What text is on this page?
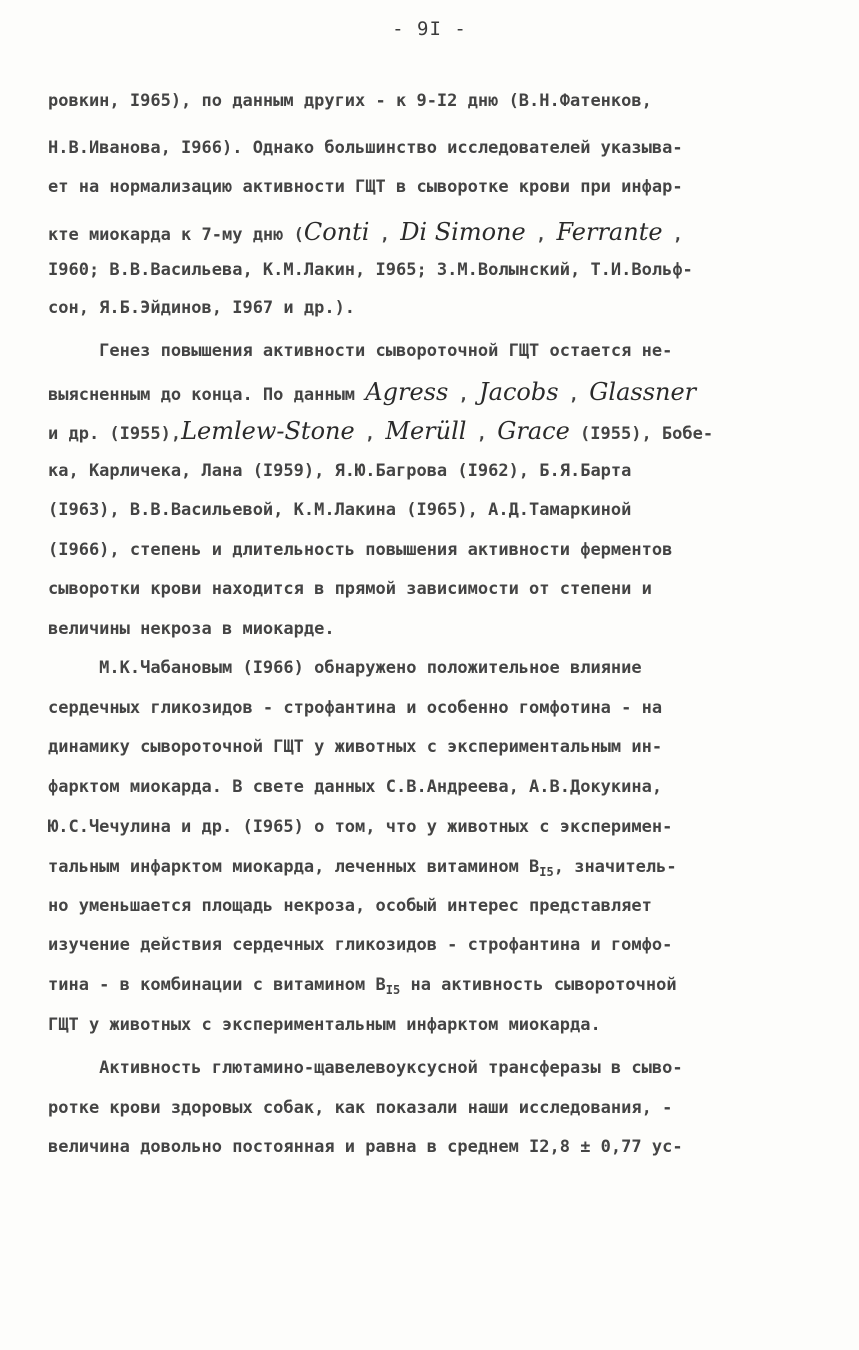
- 9I -
ровкин, I965), по данным других - к 9-I2 дню (В.Н.Фатенков,
Н.В.Иванова, I966). Однако большинство исследователей указыва-
ет на нормализацию активности ГЩТ в сыворотке крови при инфар-
кте миокарда к 7-му дню (Conti , Di Simone , Ferrante ,
I960; В.В.Васильева, К.М.Лакин, I965; З.М.Волынский, Т.И.Вольф-
сон, Я.Б.Эйдинов, I967 и др.).
Генез повышения активности сывороточной ГЩТ остается не-
выясненным до конца. По данным Agress , Jacobs , Glassner
и др. (I955),Lemlew-Stone , Merüll , Grace (I955), Бобе-
ка, Карличека, Лана (I959), Я.Ю.Багрова (I962), Б.Я.Барта
(I963), В.В.Васильевой, К.М.Лакина (I965), А.Д.Тамаркиной
(I966), степень и длительность повышения активности ферментов
сыворотки крови находится в прямой зависимости от степени и
величины некроза в миокарде.
М.К.Чабановым (I966) обнаружено положительное влияние
сердечных гликозидов - строфантина и особенно гомфотина - на
динамику сывороточной ГЩТ у животных с экспериментальным ин-
фарктом миокарда. В свете данных С.В.Андреева, А.В.Докукина,
Ю.С.Чечулина и др. (I965) о том, что у животных с эксперимен-
тальным инфарктом миокарда, леченных витамином $В_{I5}$, значитель-
но уменьшается площадь некроза, особый интерес представляет
изучение действия сердечных гликозидов - строфантина и гомфо-
тина - в комбинации с витамином $В_{I5}$ на активность сывороточной
ГЩТ у животных с экспериментальным инфарктом миокарда.
Активность глютамино-щавелевоуксусной трансферазы в сыво-
ротке крови здоровых собак, как показали наши исследования, -
величина довольно постоянная и равна в среднем I2,8 ± 0,77 ус-
